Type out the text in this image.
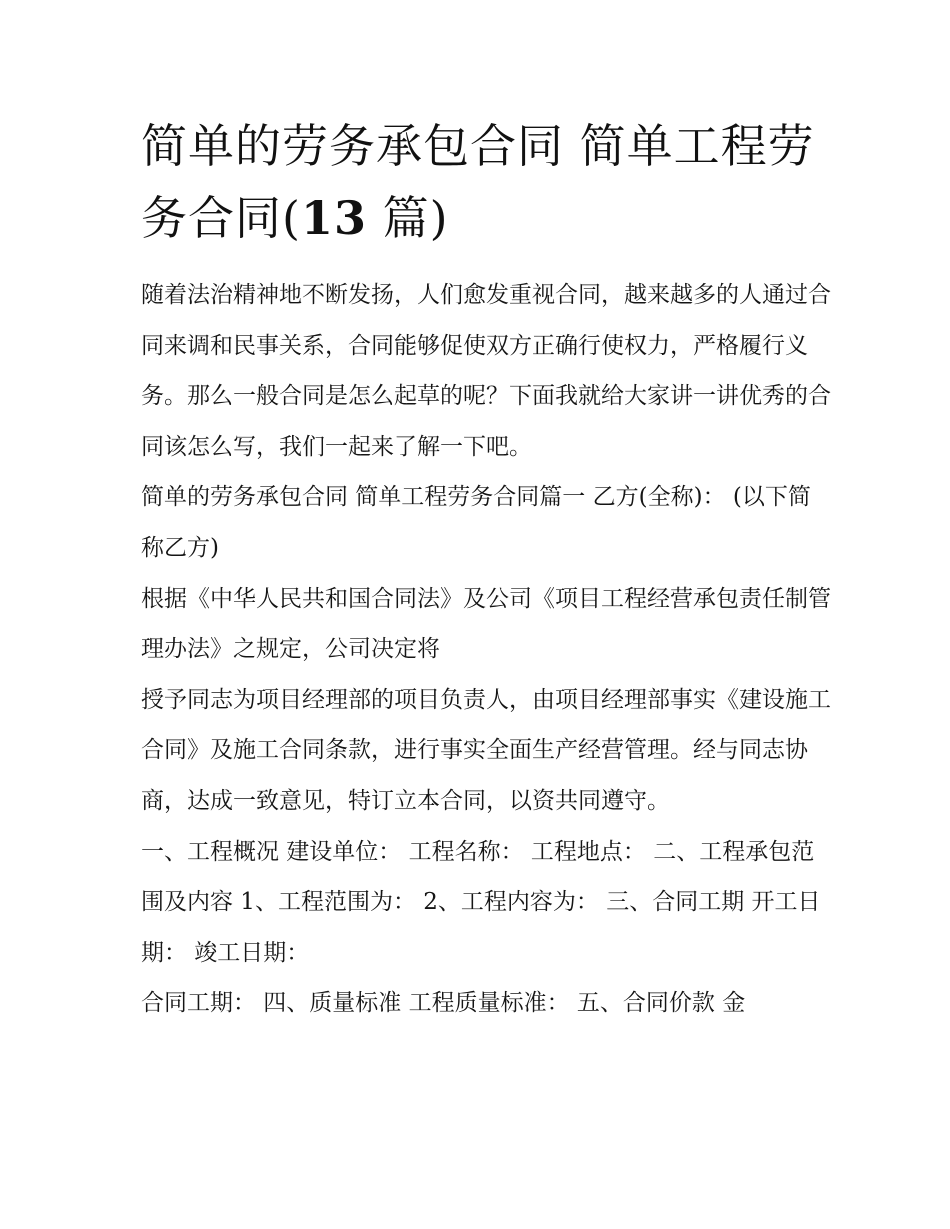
简单的劳务承包合同 简单工程劳务合同(13 篇)

随着法治精神地不断发扬，人们愈发重视合同，越来越多的人通过合同来调和民事关系，合同能够促使双方正确行使权力，严格履行义务。那么一般合同是怎么起草的呢？下面我就给大家讲一讲优秀的合同该怎么写，我们一起来了解一下吧。

简单的劳务承包合同 简单工程劳务合同篇一 乙方(全称)： (以下简称乙方)

根据《中华人民共和国合同法》及公司《项目工程经营承包责任制管理办法》之规定，公司决定将

授予同志为项目经理部的项目负责人，由项目经理部事实《建设施工合同》及施工合同条款，进行事实全面生产经营管理。经与同志协商，达成一致意见，特订立本合同，以资共同遵守。

一、工程概况 建设单位： 工程名称： 工程地点： 二、工程承包范围及内容 1、工程范围为： 2、工程内容为： 三、合同工期 开工日期： 竣工日期：

合同工期： 四、质量标准 工程质量标准： 五、合同价款 金
